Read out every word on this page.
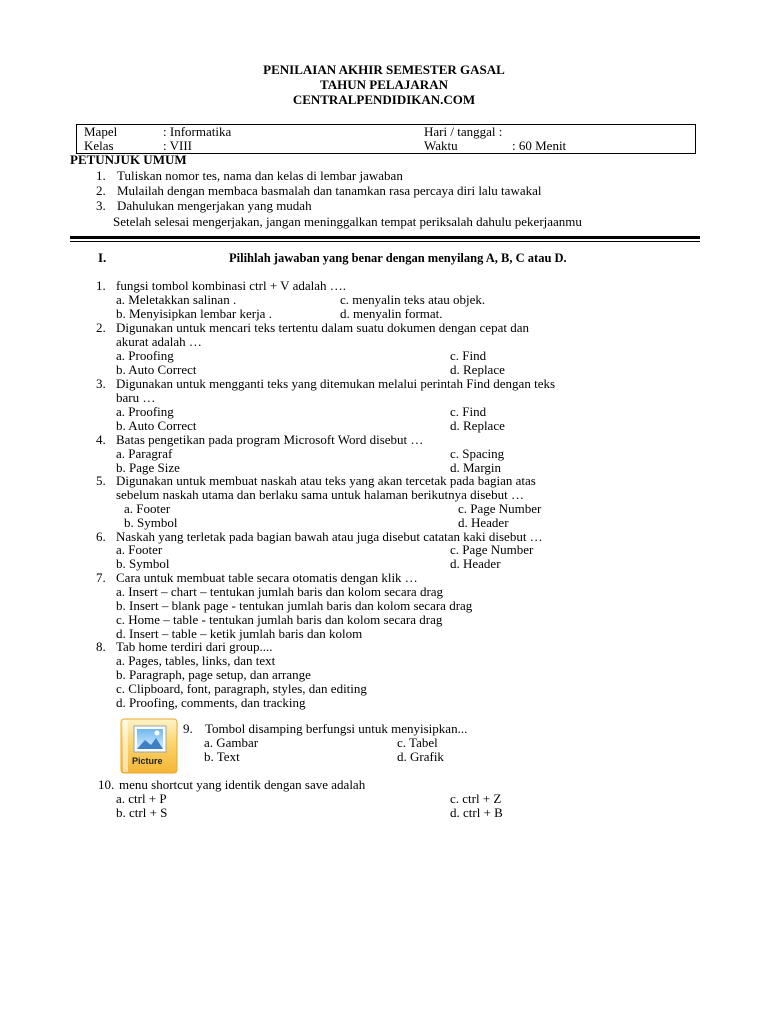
PENILAIAN AKHIR SEMESTER GASAL
TAHUN PELAJARAN
CENTRALPENDIDIKAN.COM
Mapel	: Informatika	Hari / tanggal :
Kelas	: VIII	Waktu	: 60 Menit
PETUNJUK UMUM
1. Tuliskan nomor tes, nama dan kelas di lembar jawaban
2. Mulailah dengan membaca basmalah dan tanamkan rasa percaya diri lalu tawakal
3. Dahulukan mengerjakan yang mudah
Setelah selesai mengerjakan, jangan meninggalkan tempat periksalah dahulu pekerjaanmu
I.	Pilihlah jawaban yang benar dengan menyilang A, B, C atau D.
1. fungsi tombol kombinasi ctrl + V adalah ….
a. Meletakkan salinan .
b. Menyisipkan lembar kerja .
c. menyalin teks atau objek.
d. menyalin format.
2. Digunakan untuk mencari teks tertentu dalam suatu dokumen dengan cepat dan
akurat adalah …
a. Proofing
b. Auto Correct
c. Find
d. Replace
3. Digunakan untuk mengganti teks yang ditemukan melalui perintah Find dengan teks
baru …
a. Proofing
b. Auto Correct
c. Find
d. Replace
4. Batas pengetikan pada program Microsoft Word disebut …
a. Paragraf
b. Page Size
c. Spacing
d. Margin
5. Digunakan untuk membuat naskah atau teks yang akan tercetak pada bagian atas
sebelum naskah utama dan berlaku sama untuk halaman berikutnya disebut …
a. Footer
b. Symbol
c. Page Number
d. Header
6. Naskah yang terletak pada bagian bawah atau juga disebut catatan kaki disebut …
a. Footer
b. Symbol
c. Page Number
d. Header
7. Cara untuk membuat table secara otomatis dengan klik …
a. Insert – chart – tentukan jumlah baris dan kolom secara drag
b. Insert – blank page - tentukan jumlah baris dan kolom secara drag
c. Home – table - tentukan jumlah baris dan kolom secara drag
d. Insert – table – ketik jumlah baris dan kolom
8. Tab home terdiri dari group....
a. Pages, tables, links, dan text
b. Paragraph, page setup, dan arrange
c. Clipboard, font, paragraph, styles, dan editing
d. Proofing, comments, dan tracking
Picture
9. Tombol disamping berfungsi untuk menyisipkan...
a. Gambar
b. Text
c. Tabel
d. Grafik
10. menu shortcut yang identik dengan save adalah
a. ctrl + P
b. ctrl + S
c. ctrl + Z
d. ctrl + B
